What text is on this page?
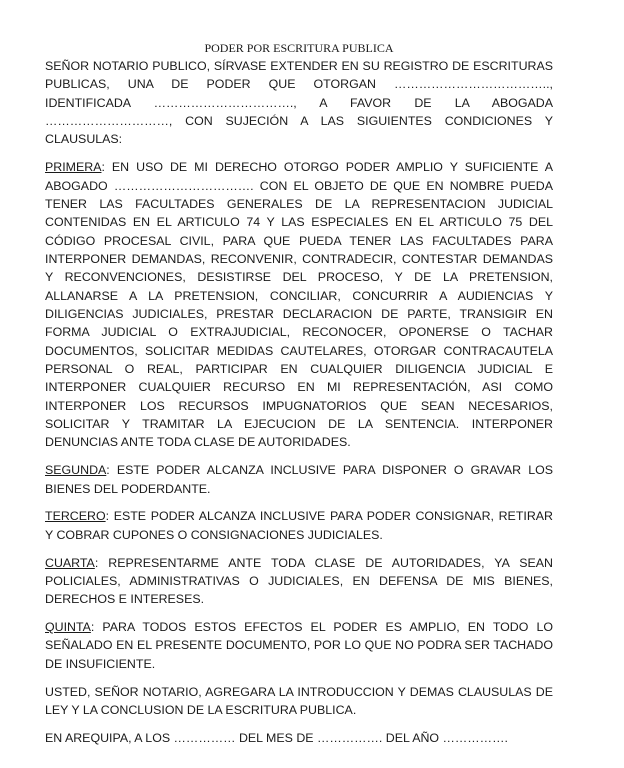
PODER POR ESCRITURA PUBLICA

SEÑOR NOTARIO PUBLICO, SÍRVASE EXTENDER EN SU REGISTRO DE ESCRITURAS PUBLICAS, UNA DE PODER QUE OTORGAN ……………………………….., IDENTIFICADA ……………………………., A FAVOR DE LA ABOGADA …………………………, CON SUJECIÓN A LAS SIGUIENTES CONDICIONES Y CLAUSULAS:

PRIMERA: EN USO DE MI DERECHO OTORGO PODER AMPLIO Y SUFICIENTE A ABOGADO ……………………………. CON EL OBJETO DE QUE EN NOMBRE PUEDA TENER LAS FACULTADES GENERALES DE LA REPRESENTACION JUDICIAL CONTENIDAS EN EL ARTICULO 74 Y LAS ESPECIALES EN EL ARTICULO 75 DEL CÓDIGO PROCESAL CIVIL, PARA QUE PUEDA TENER LAS FACULTADES PARA INTERPONER DEMANDAS, RECONVENIR, CONTRADECIR, CONTESTAR DEMANDAS Y RECONVENCIONES, DESISTIRSE DEL PROCESO, Y DE LA PRETENSION, ALLANARSE A LA PRETENSION, CONCILIAR, CONCURRIR A AUDIENCIAS Y DILIGENCIAS JUDICIALES, PRESTAR DECLARACION DE PARTE, TRANSIGIR EN FORMA JUDICIAL O EXTRAJUDICIAL, RECONOCER, OPONERSE O TACHAR DOCUMENTOS, SOLICITAR MEDIDAS CAUTELARES, OTORGAR CONTRACAUTELA PERSONAL O REAL, PARTICIPAR EN CUALQUIER DILIGENCIA JUDICIAL E INTERPONER CUALQUIER RECURSO EN MI REPRESENTACIÓN, ASI COMO INTERPONER LOS RECURSOS IMPUGNATORIOS QUE SEAN NECESARIOS, SOLICITAR Y TRAMITAR LA EJECUCION DE LA SENTENCIA. INTERPONER DENUNCIAS ANTE TODA CLASE DE AUTORIDADES.

SEGUNDA: ESTE PODER ALCANZA INCLUSIVE PARA DISPONER O GRAVAR LOS BIENES DEL PODERDANTE.

TERCERO: ESTE PODER ALCANZA INCLUSIVE PARA PODER CONSIGNAR, RETIRAR Y COBRAR CUPONES O CONSIGNACIONES JUDICIALES.

CUARTA: REPRESENTARME ANTE TODA CLASE DE AUTORIDADES, YA SEAN POLICIALES, ADMINISTRATIVAS O JUDICIALES, EN DEFENSA DE MIS BIENES, DERECHOS E INTERESES.

QUINTA: PARA TODOS ESTOS EFECTOS EL PODER ES AMPLIO, EN TODO LO SEÑALADO EN EL PRESENTE DOCUMENTO, POR LO QUE NO PODRA SER TACHADO DE INSUFICIENTE.

USTED, SEÑOR NOTARIO, AGREGARA LA INTRODUCCION Y DEMAS CLAUSULAS DE LEY Y LA CONCLUSION DE LA ESCRITURA PUBLICA.

EN AREQUIPA, A LOS …………… DEL MES DE ……………. DEL AÑO …………….
